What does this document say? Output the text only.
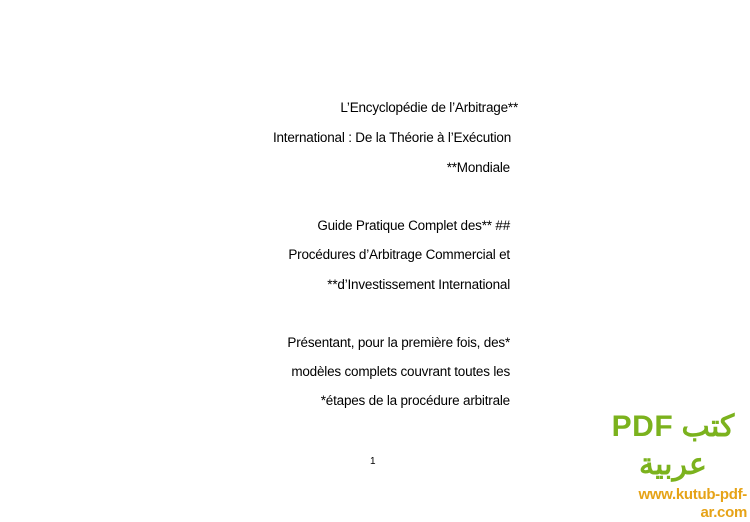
L’Encyclopédie de l’Arbitrage**
International : De la Théorie à l’Exécution
**Mondiale
Guide Pratique Complet des** ##
Procédures d’Arbitrage Commercial et
**d’Investissement International
Présentant, pour la première fois, des*
modèles complets couvrant toutes les
*étapes de la procédure arbitrale
1
كتب PDF عربية
www.kutub-pdf-ar.com
